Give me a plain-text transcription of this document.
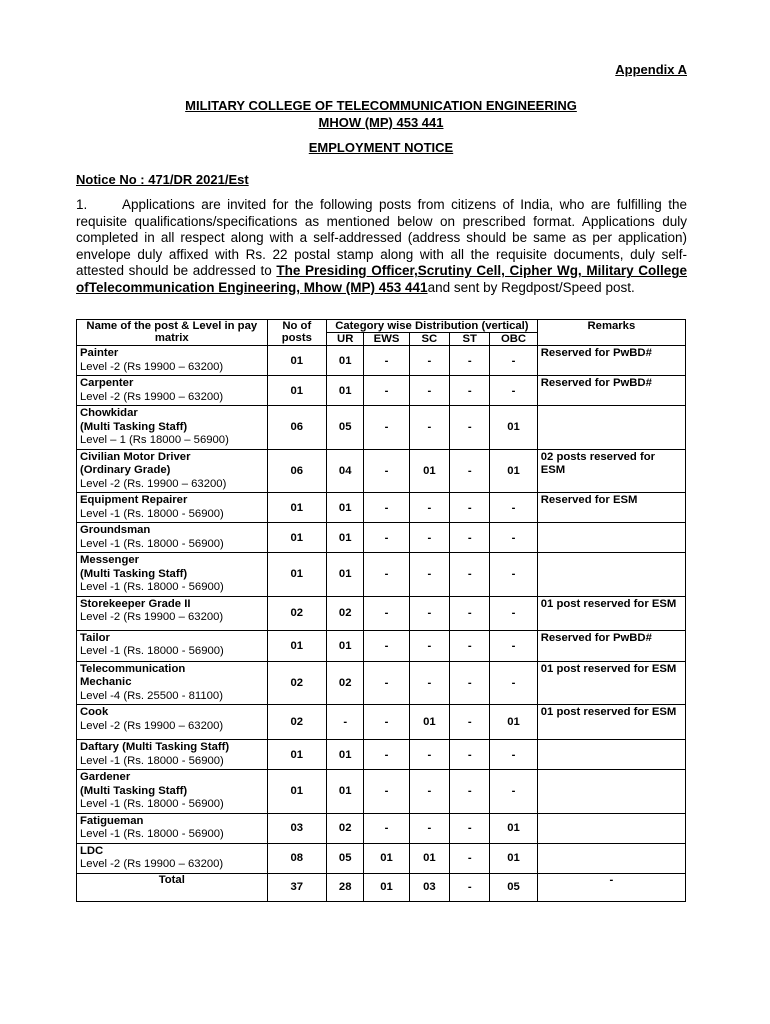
Appendix A
MILITARY COLLEGE OF TELECOMMUNICATION ENGINEERING
MHOW (MP) 453 441
EMPLOYMENT NOTICE
Notice No : 471/DR 2021/Est
1.	Applications are invited for the following posts from citizens of India, who are fulfilling the requisite qualifications/specifications as mentioned below on prescribed format. Applications duly completed in all respect along with a self-addressed (address should be same as per application) envelope duly affixed with Rs. 22 postal stamp along with all the requisite documents, duly self-attested should be addressed to The Presiding Officer,Scrutiny Cell, Cipher Wg, Military College ofTelecommunication Engineering, Mhow (MP) 453 441and sent by Regdpost/Speed post.
Name of the post & Level in pay matrix	No of posts	Category wise Distribution (vertical)					Remarks
		UR	EWS	SC	ST	OBC	

Painter
Level -2 (Rs 19900 – 63200)	01	01	-	-	-	-	Reserved for PwBD#

Carpenter
Level -2 (Rs 19900 – 63200)	01	01	-	-	-	-	Reserved for PwBD#

Chowkidar
(Multi Tasking Staff)
Level – 1 (Rs 18000 – 56900)	06	05	-	-	-	01	

Civilian Motor Driver
(Ordinary Grade)
Level -2 (Rs. 19900 – 63200)	06	04	-	01	-	01	02 posts reserved for ESM

Equipment Repairer
Level -1 (Rs. 18000 - 56900)	01	01	-	-	-	-	Reserved for ESM

Groundsman
Level -1 (Rs. 18000 - 56900)	01	01	-	-	-	-	

Messenger
(Multi Tasking Staff)
Level -1 (Rs. 18000 - 56900)	01	01	-	-	-	-	

Storekeeper Grade II
Level -2 (Rs 19900 – 63200)	02	02	-	-	-	-	01 post reserved for ESM

Tailor
Level -1 (Rs. 18000 - 56900)	01	01	-	-	-	-	Reserved for PwBD#

Telecommunication
Mechanic
Level -4 (Rs. 25500 - 81100)	02	02	-	-	-	-	01 post reserved for ESM

Cook
Level -2 (Rs 19900 – 63200)	02	-	-	01	-	01	01 post reserved for ESM

Daftary (Multi Tasking Staff)
Level -1 (Rs. 18000 - 56900)	01	01	-	-	-	-	

Gardener
(Multi Tasking Staff)
Level -1 (Rs. 18000 - 56900)	01	01	-	-	-	-	

Fatigueman
Level -1 (Rs. 18000 - 56900)	03	02	-	-	-	01	

LDC
Level -2 (Rs 19900 – 63200)	08	05	01	01	-	01	
Total	37	28	01	03	-	05	-
